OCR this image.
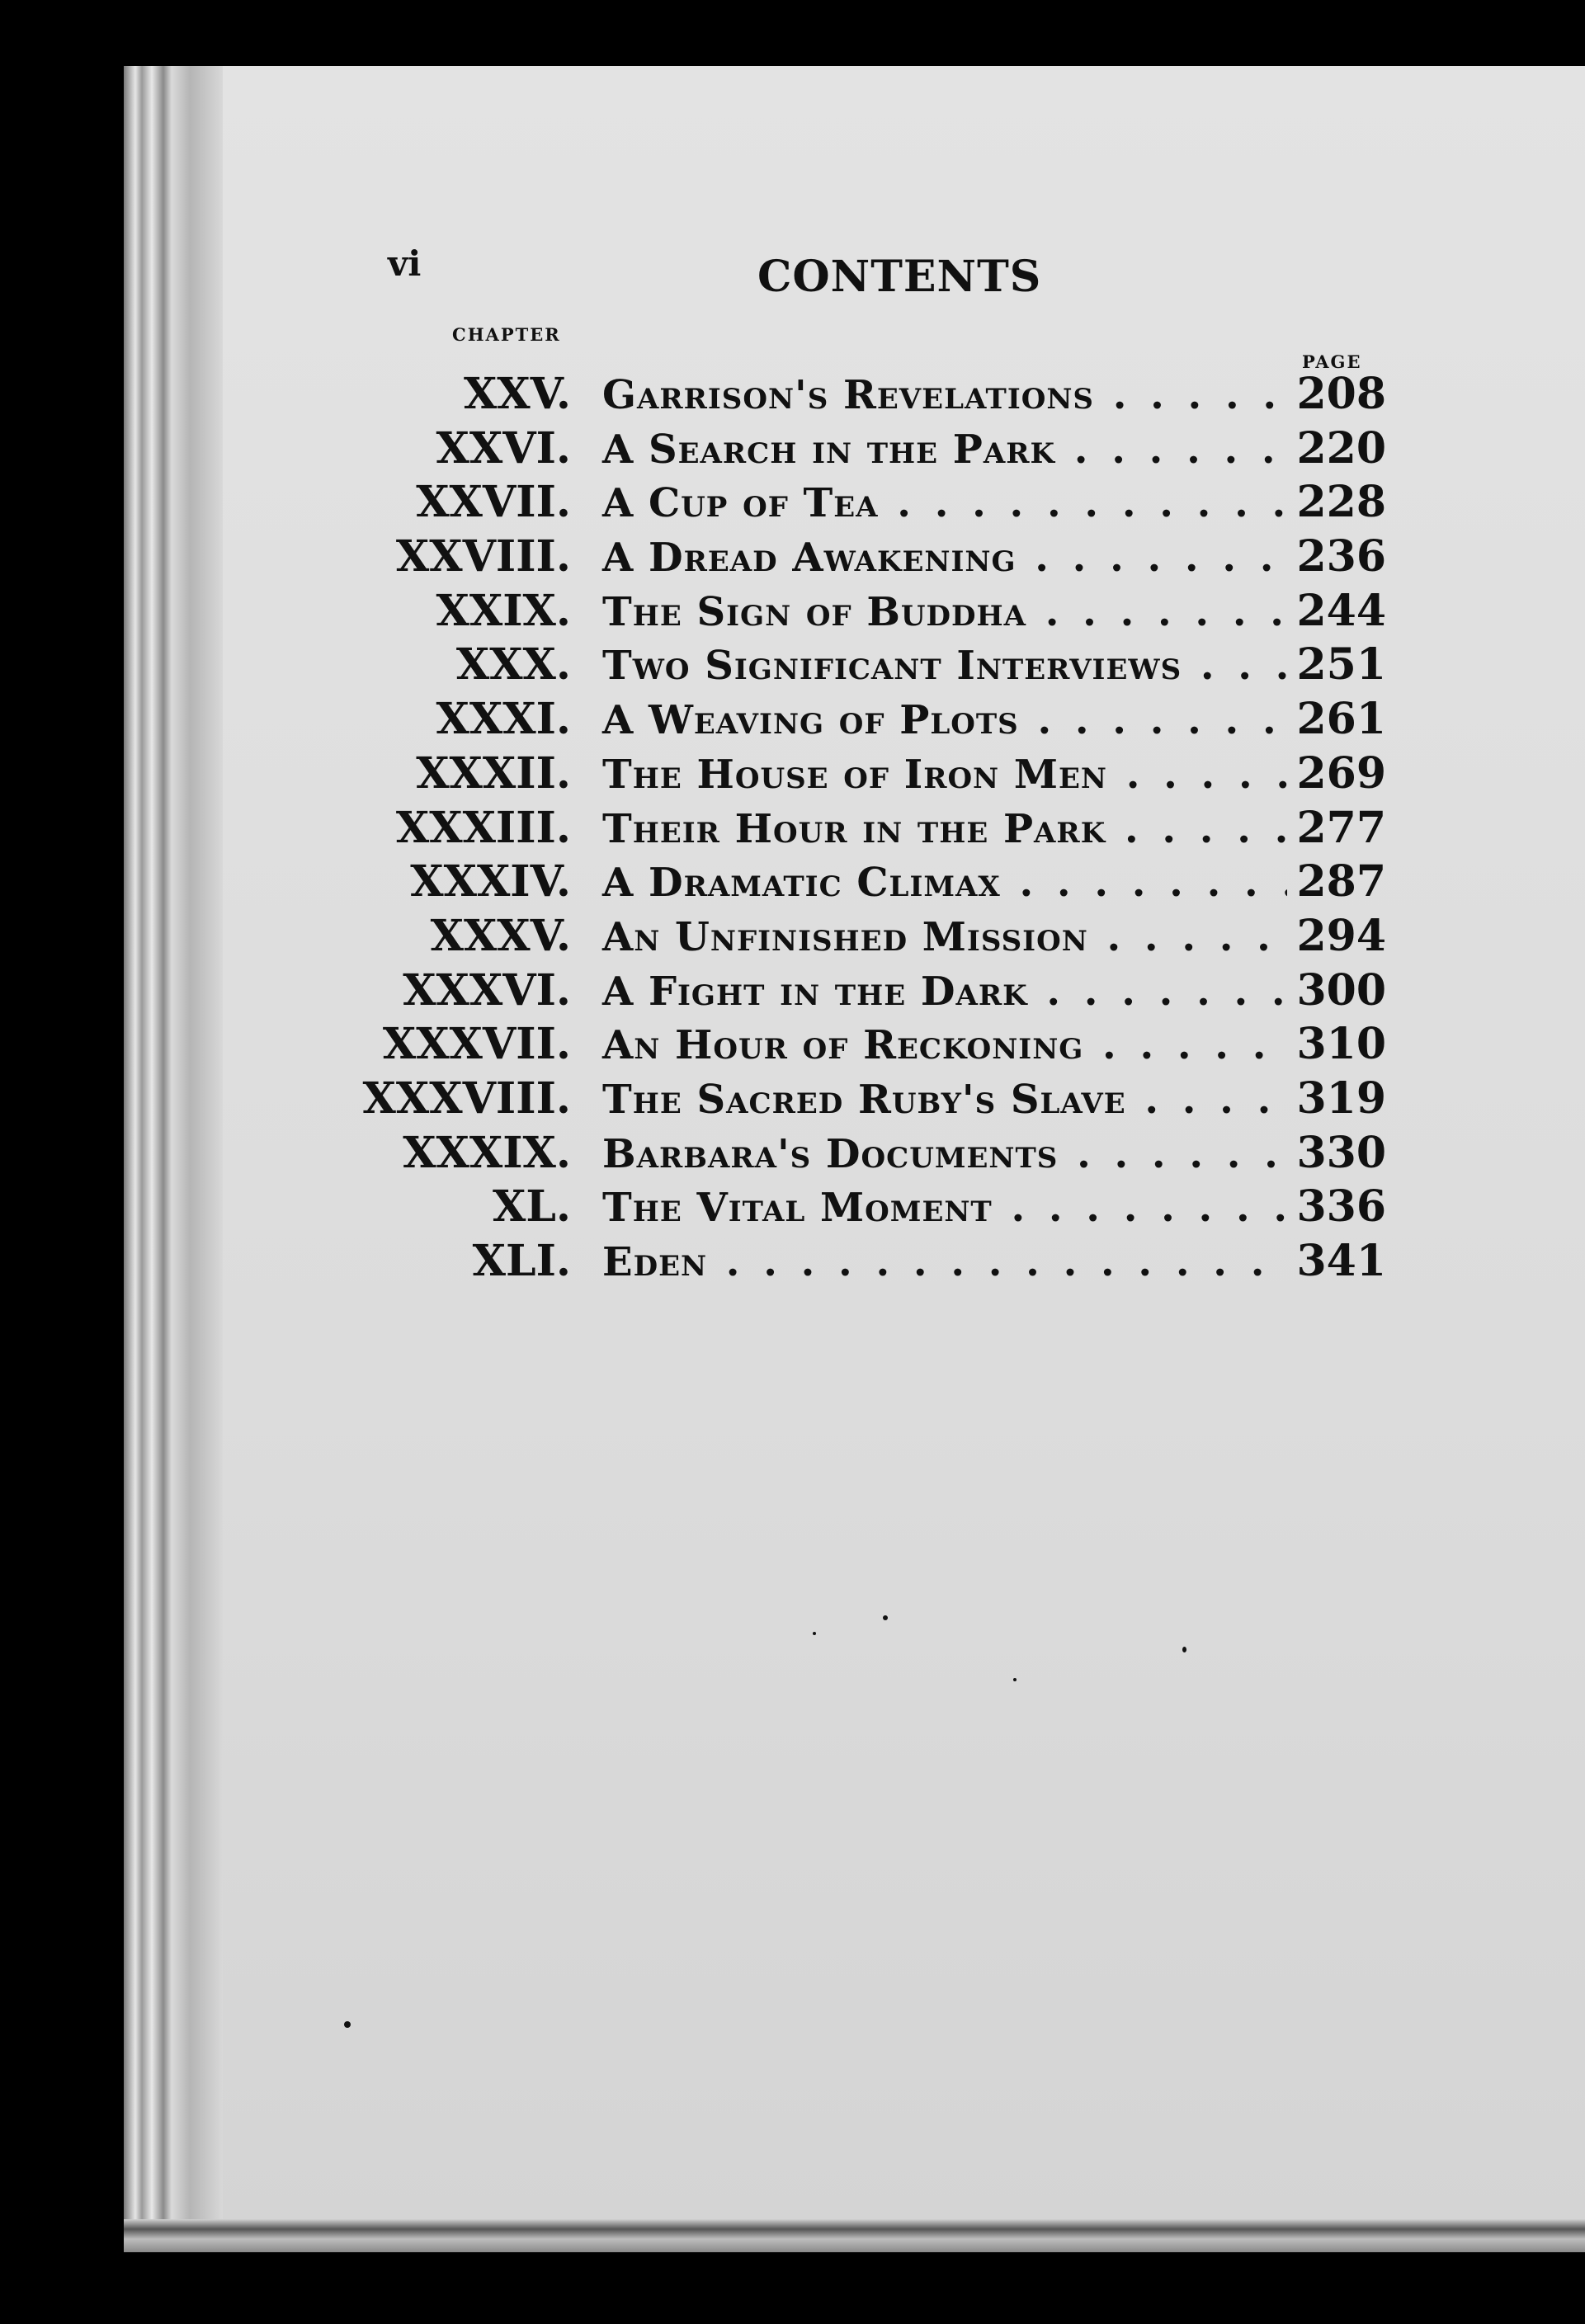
vi	CONTENTS
CHAPTER
PAGE
XXV. Garrison's Revelations . .	208
XXVI. A Search in the Park . .	220
XXVII. A Cup of Tea . .	228
XXVIII. A Dread Awakening . .	236
XXIX. The Sign of Buddha . .	244
XXX. Two Significant Interviews . .	251
XXXI. A Weaving of Plots . .	261
XXXII. The House of Iron Men . .	269
XXXIII. Their Hour in the Park . .	277
XXXIV. A Dramatic Climax . .	287
XXXV. An Unfinished Mission . .	294
XXXVI. A Fight in the Dark . .	300
XXXVII. An Hour of Reckoning . .	310
XXXVIII. The Sacred Ruby's Slave . .	319
XXXIX. Barbara's Documents . .	330
XL. The Vital Moment . .	336
XLI. Eden . .	341
